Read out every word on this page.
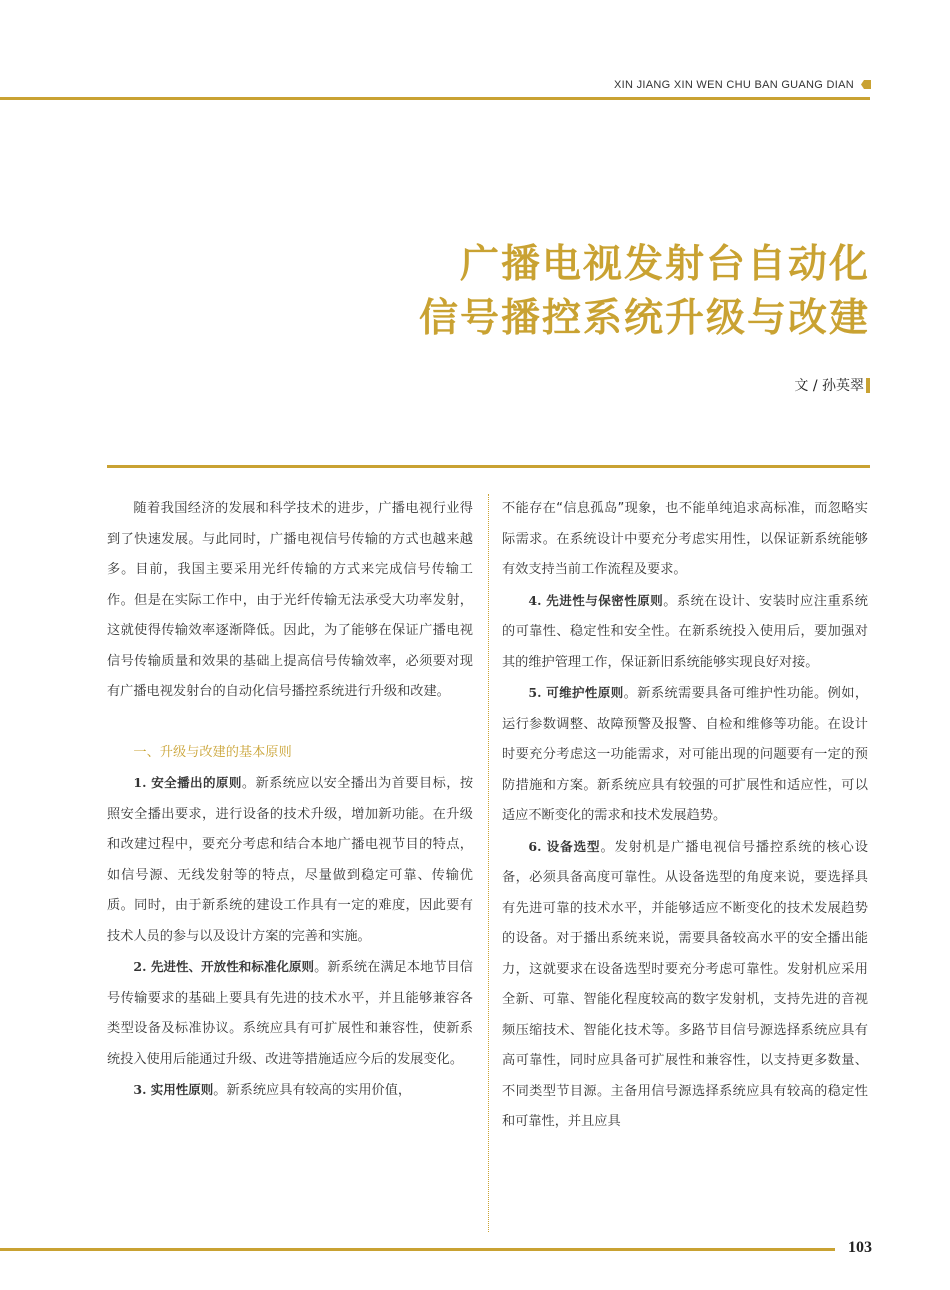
XIN JIANG XIN WEN CHU BAN GUANG DIAN
广播电视发射台自动化
信号播控系统升级与改建
文 / 孙英翠

随着我国经济的发展和科学技术的进步，广播电视行业得到了快速发展。与此同时，广播电视信号传输的方式也越来越多。目前，我国主要采用光纤传输的方式来完成信号传输工作。但是在实际工作中，由于光纤传输无法承受大功率发射，这就使得传输效率逐渐降低。因此，为了能够在保证广播电视信号传输质量和效果的基础上提高信号传输效率，必须要对现有广播电视发射台的自动化信号播控系统进行升级和改建。

一、升级与改建的基本原则

1. 安全播出的原则。新系统应以安全播出为首要目标，按照安全播出要求，进行设备的技术升级，增加新功能。在升级和改建过程中，要充分考虑和结合本地广播电视节目的特点，如信号源、无线发射等的特点，尽量做到稳定可靠、传输优质。同时，由于新系统的建设工作具有一定的难度，因此要有技术人员的参与以及设计方案的完善和实施。

2. 先进性、开放性和标准化原则。新系统在满足本地节目信号传输要求的基础上要具有先进的技术水平，并且能够兼容各类型设备及标准协议。系统应具有可扩展性和兼容性，使新系统投入使用后能通过升级、改进等措施适应今后的发展变化。

3. 实用性原则。新系统应具有较高的实用价值，

不能存在“信息孤岛”现象，也不能单纯追求高标准，而忽略实际需求。在系统设计中要充分考虑实用性，以保证新系统能够有效支持当前工作流程及要求。

4. 先进性与保密性原则。系统在设计、安装时应注重系统的可靠性、稳定性和安全性。在新系统投入使用后，要加强对其的维护管理工作，保证新旧系统能够实现良好对接。

5. 可维护性原则。新系统需要具备可维护性功能。例如，运行参数调整、故障预警及报警、自检和维修等功能。在设计时要充分考虑这一功能需求，对可能出现的问题要有一定的预防措施和方案。新系统应具有较强的可扩展性和适应性，可以适应不断变化的需求和技术发展趋势。

6. 设备选型。发射机是广播电视信号播控系统的核心设备，必须具备高度可靠性。从设备选型的角度来说，要选择具有先进可靠的技术水平，并能够适应不断变化的技术发展趋势的设备。对于播出系统来说，需要具备较高水平的安全播出能力，这就要求在设备选型时要充分考虑可靠性。发射机应采用全新、可靠、智能化程度较高的数字发射机，支持先进的音视频压缩技术、智能化技术等。多路节目信号源选择系统应具有高可靠性，同时应具备可扩展性和兼容性，以支持更多数量、不同类型节目源。主备用信号源选择系统应具有较高的稳定性和可靠性，并且应具

103
